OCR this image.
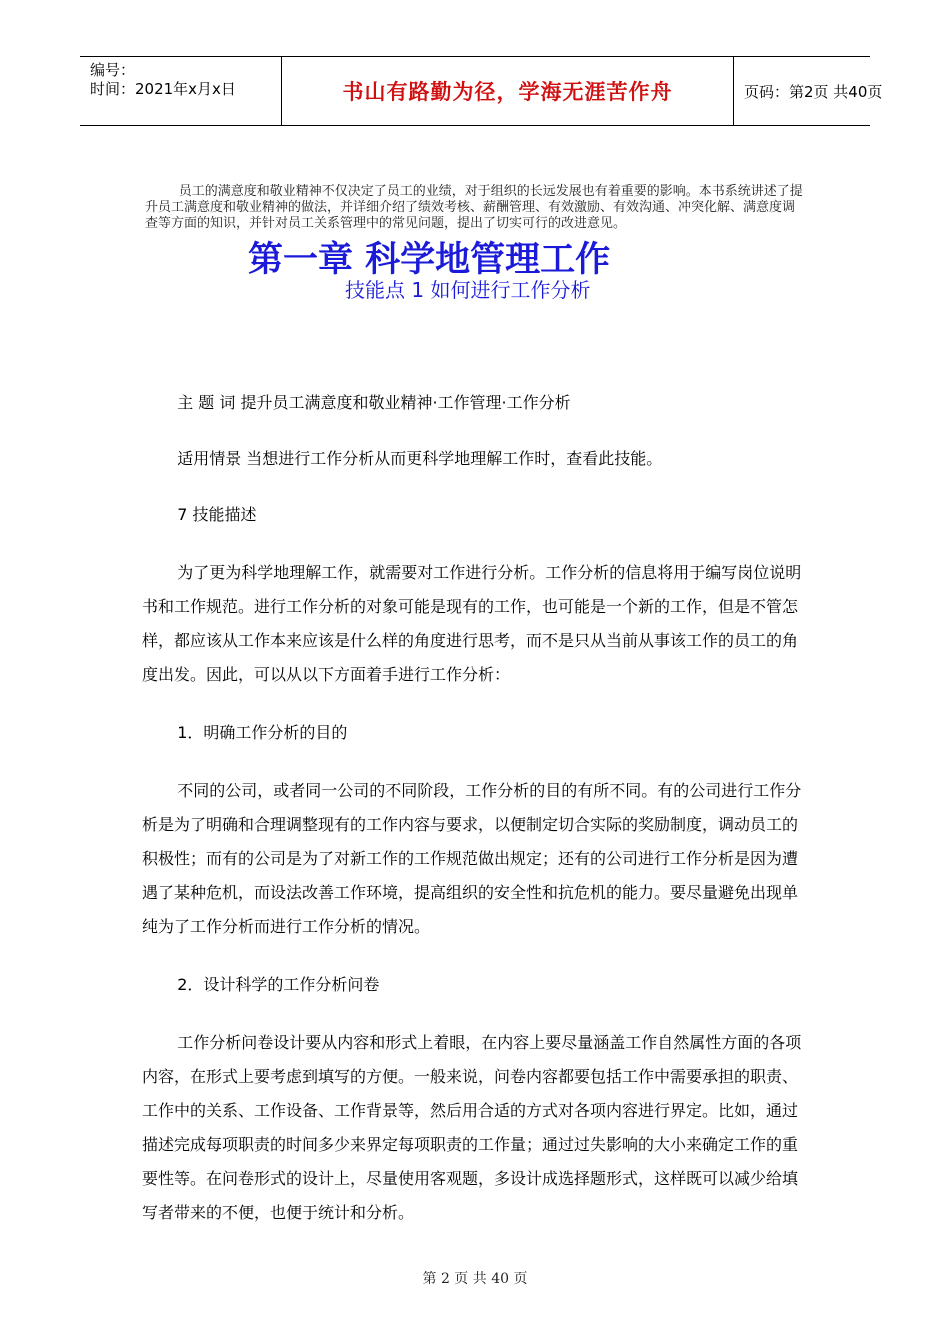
编号：
时间：2021年x月x日	书山有路勤为径，学海无涯苦作舟	页码：第2页 共40页

员工的满意度和敬业精神不仅决定了员工的业绩，对于组织的长远发展也有着重要的影响。本书系统讲述了提升员工满意度和敬业精神的做法，并详细介绍了绩效考核、薪酬管理、有效激励、有效沟通、冲突化解、满意度调查等方面的知识，并针对员工关系管理中的常见问题，提出了切实可行的改进意见。

第一章 科学地管理工作
技能点 1 如何进行工作分析

主 题 词 提升员工满意度和敬业精神·工作管理·工作分析

适用情景 当想进行工作分析从而更科学地理解工作时，查看此技能。

7 技能描述

为了更为科学地理解工作，就需要对工作进行分析。工作分析的信息将用于编写岗位说明书和工作规范。进行工作分析的对象可能是现有的工作，也可能是一个新的工作，但是不管怎样，都应该从工作本来应该是什么样的角度进行思考，而不是只从当前从事该工作的员工的角度出发。因此，可以从以下方面着手进行工作分析：

1．明确工作分析的目的

不同的公司，或者同一公司的不同阶段，工作分析的目的有所不同。有的公司进行工作分析是为了明确和合理调整现有的工作内容与要求，以便制定切合实际的奖励制度，调动员工的积极性；而有的公司是为了对新工作的工作规范做出规定；还有的公司进行工作分析是因为遭遇了某种危机，而设法改善工作环境，提高组织的安全性和抗危机的能力。要尽量避免出现单纯为了工作分析而进行工作分析的情况。

2．设计科学的工作分析问卷

工作分析问卷设计要从内容和形式上着眼，在内容上要尽量涵盖工作自然属性方面的各项内容，在形式上要考虑到填写的方便。一般来说，问卷内容都要包括工作中需要承担的职责、工作中的关系、工作设备、工作背景等，然后用合适的方式对各项内容进行界定。比如，通过描述完成每项职责的时间多少来界定每项职责的工作量；通过过失影响的大小来确定工作的重要性等。在问卷形式的设计上，尽量使用客观题，多设计成选择题形式，这样既可以减少给填写者带来的不便，也便于统计和分析。

第 2 页 共 40 页
